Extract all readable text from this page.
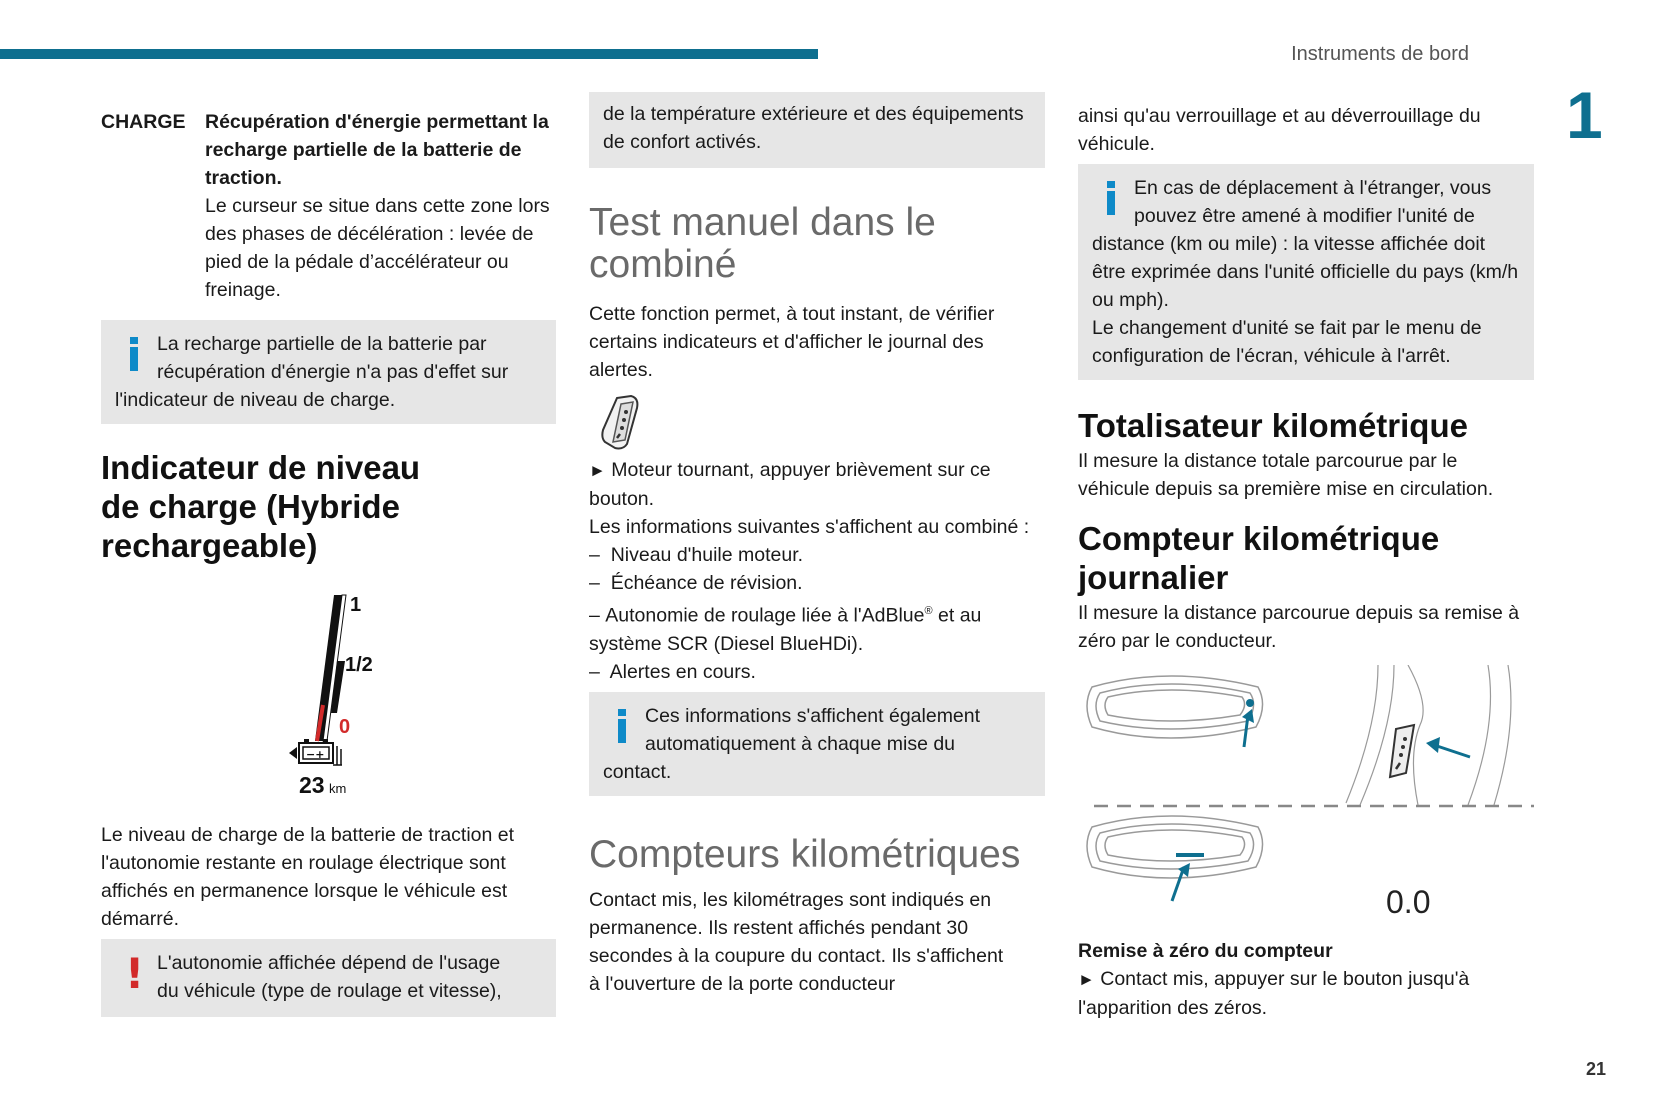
Instruments de bord
1
CHARGE Récupération d'énergie permettant la recharge partielle de la batterie de traction.

Le curseur se situe dans cette zone lors des phases de décélération : levée de pied de la pédale d’accélérateur ou freinage.

La recharge partielle de la batterie par
récupération d'énergie n'a pas d'effet sur
l'indicateur de niveau de charge.
Indicateur de niveau
de charge (Hybride
rechargeable)
1
1/2
0
−+
23 km

Le niveau de charge de la batterie de traction et l'autonomie restante en roulage électrique sont affichés en permanence lorsque le véhicule est démarré.

! L'autonomie affichée dépend de l'usage
du véhicule (type de roulage et vitesse),
de la température extérieure et des équipements de confort activés.
Test manuel dans le combiné

Cette fonction permet, à tout instant, de vérifier certains indicateurs et d'afficher le journal des alertes.

► Moteur tournant, appuyer brièvement sur ce bouton.

Les informations suivantes s'affichent au combiné :

– Niveau d'huile moteur.
– Échéance de révision.
– Autonomie de roulage liée à l'AdBlue® et au système SCR (Diesel BlueHDi).
– Alertes en cours.
Ces informations s'affichent également
automatiquement à chaque mise du
contact.
Compteurs kilométriques

Contact mis, les kilométrages sont indiqués en permanence. Ils restent affichés pendant 30 secondes à la coupure du contact. Ils s'affichent à l'ouverture de la porte conducteur

ainsi qu'au verrouillage et au déverrouillage du véhicule.

En cas de déplacement à l'étranger, vous
pouvez être amené à modifier l'unité de
distance (km ou mile) : la vitesse affichée doit être exprimée dans l'unité officielle du pays (km/h ou mph).
Le changement d'unité se fait par le menu de configuration de l'écran, véhicule à l'arrêt.
Totalisateur kilométrique

Il mesure la distance totale parcourue par le véhicule depuis sa première mise en circulation.

Compteur kilométrique
journalier

Il mesure la distance parcourue depuis sa remise à zéro par le conducteur.

0.0

Remise à zéro du compteur

► Contact mis, appuyer sur le bouton jusqu'à l'apparition des zéros.
21
